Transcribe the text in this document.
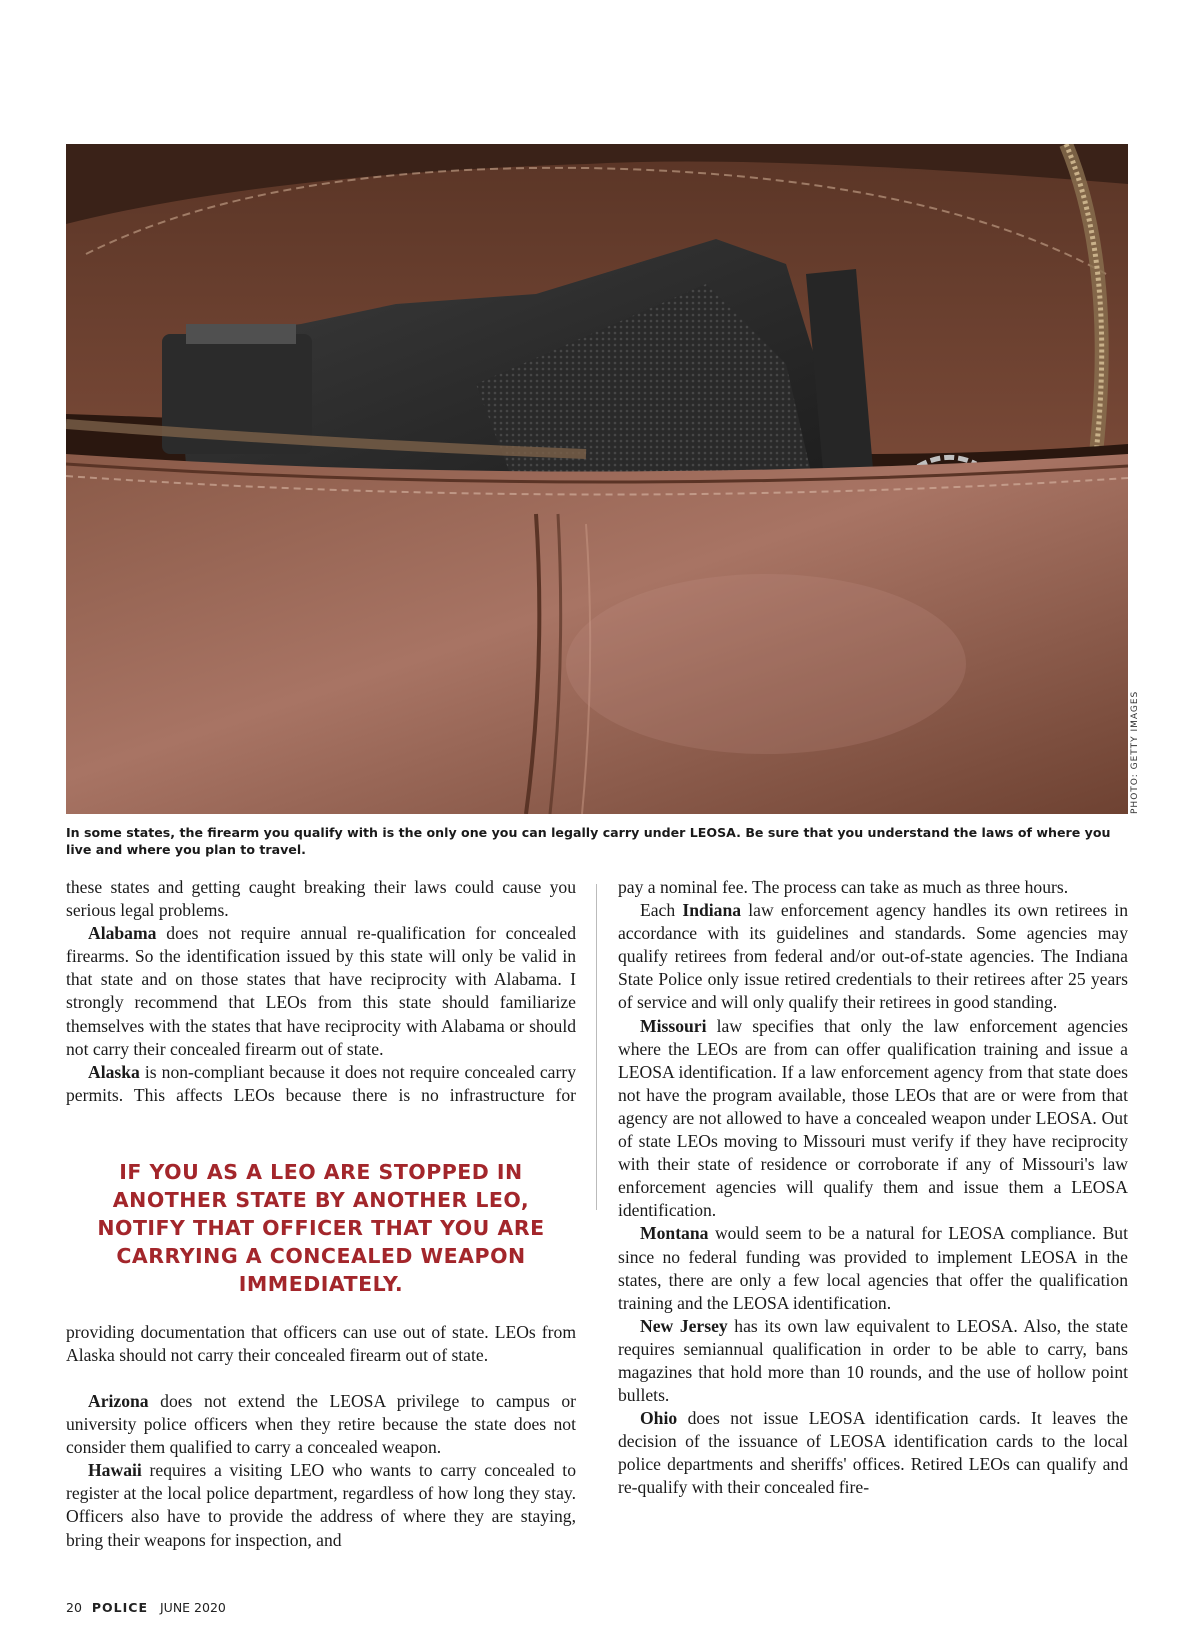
PHOTO: GETTY IMAGES

In some states, the firearm you qualify with is the only one you can legally carry under LEOSA. Be sure that you understand the laws of where you live and where you plan to travel.

these states and getting caught breaking their laws could cause you serious legal problems.

Alabama does not require annual re-qualification for concealed firearms. So the identification issued by this state will only be valid in that state and on those states that have reciprocity with Alabama. I strongly recommend that LEOs from this state should familiarize themselves with the states that have reciprocity with Alabama or should not carry their concealed firearm out of state.

Alaska is non-compliant because it does not require concealed carry permits. This affects LEOs because there is no infrastructure for

IF YOU AS A LEO ARE STOPPED IN ANOTHER STATE BY ANOTHER LEO, NOTIFY THAT OFFICER THAT YOU ARE CARRYING A CONCEALED WEAPON IMMEDIATELY.

providing documentation that officers can use out of state. LEOs from Alaska should not carry their concealed firearm out of state.

Arizona does not extend the LEOSA privilege to campus or university police officers when they retire because the state does not consider them qualified to carry a concealed weapon.

Hawaii requires a visiting LEO who wants to carry concealed to register at the local police department, regardless of how long they stay. Officers also have to provide the address of where they are staying, bring their weapons for inspection, and

pay a nominal fee. The process can take as much as three hours.

Each Indiana law enforcement agency handles its own retirees in accordance with its guidelines and standards. Some agencies may qualify retirees from federal and/or out-of-state agencies. The Indiana State Police only issue retired credentials to their retirees after 25 years of service and will only qualify their retirees in good standing.

Missouri law specifies that only the law enforcement agencies where the LEOs are from can offer qualification training and issue a LEOSA identification. If a law enforcement agency from that state does not have the program available, those LEOs that are or were from that agency are not allowed to have a concealed weapon under LEOSA. Out of state LEOs moving to Missouri must verify if they have reciprocity with their state of residence or corroborate if any of Missouri's law enforcement agencies will qualify them and issue them a LEOSA identification.

Montana would seem to be a natural for LEOSA compliance. But since no federal funding was provided to implement LEOSA in the states, there are only a few local agencies that offer the qualification training and the LEOSA identification.

New Jersey has its own law equivalent to LEOSA. Also, the state requires semiannual qualification in order to be able to carry, bans magazines that hold more than 10 rounds, and the use of hollow point bullets.

Ohio does not issue LEOSA identification cards. It leaves the decision of the issuance of LEOSA identification cards to the local police departments and sheriffs' offices. Retired LEOs can qualify and re-qualify with their concealed fire-

20 POLICE JUNE 2020
